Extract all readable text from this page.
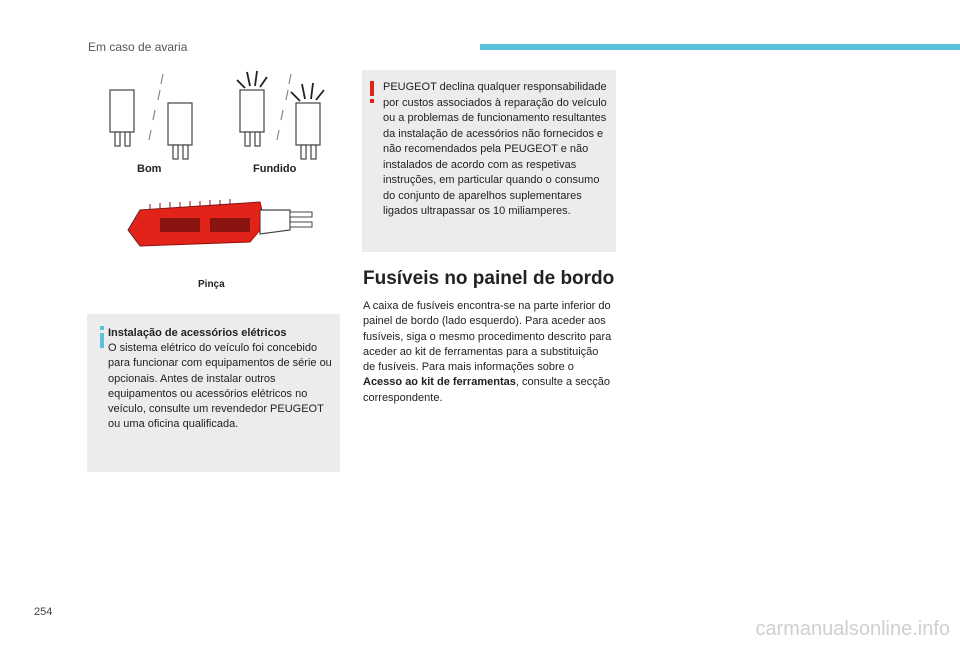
Em caso de avaria
Bom	Fundido
Pinça
Instalação de acessórios elétricos
O sistema elétrico do veículo foi concebido para funcionar com equipamentos de série ou opcionais. Antes de instalar outros equipamentos ou acessórios elétricos no veículo, consulte um revendedor PEUGEOT ou uma oficina qualificada.
PEUGEOT declina qualquer responsabilidade por custos associados à reparação do veículo ou a problemas de funcionamento resultantes da instalação de acessórios não fornecidos e não recomendados pela PEUGEOT e não instalados de acordo com as respetivas instruções, em particular quando o consumo do conjunto de aparelhos suplementares ligados ultrapassar os 10 miliamperes.
Fusíveis no painel de bordo
A caixa de fusíveis encontra-se na parte inferior do painel de bordo (lado esquerdo). Para aceder aos fusíveis, siga o mesmo procedimento descrito para aceder ao kit de ferramentas para a substituição de fusíveis. Para mais informações sobre o Acesso ao kit de ferramentas, consulte a secção correspondente.
254
carmanualsonline.info
